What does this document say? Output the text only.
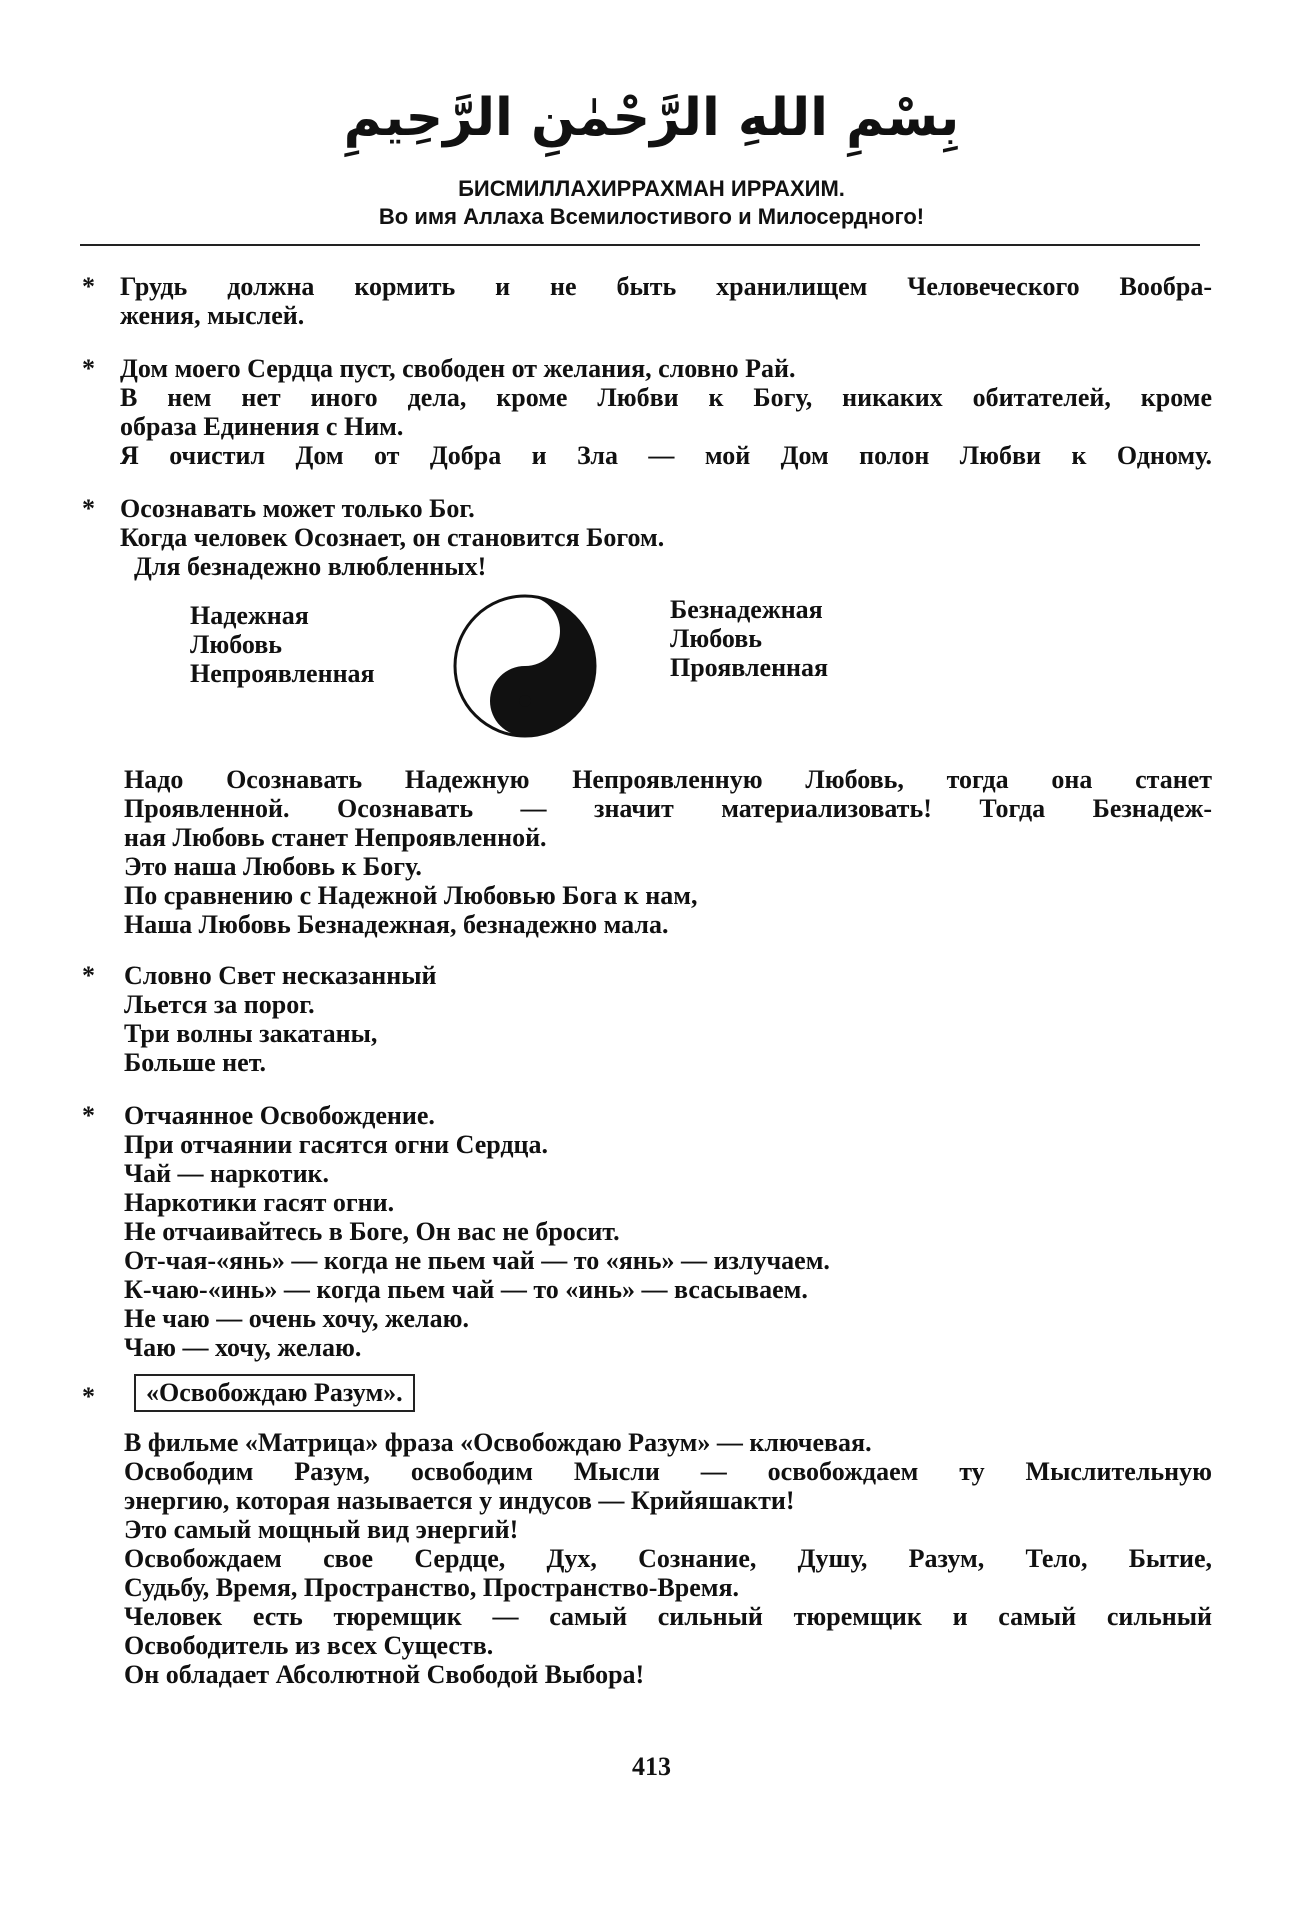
بِسْمِ اللهِ الرَّحْمٰنِ الرَّحِيمِ
БИСМИЛЛАХИРРАХМАН ИРРАХИМ.
Во имя Аллаха Всемилостивого и Милосердного!
* Грудь должна кормить и не быть хранилищем Человеческого Вообра-
жения, мыслей.
* Дом моего Сердца пуст, свободен от желания, словно Рай.
В нем нет иного дела, кроме Любви к Богу, никаких обитателей, кроме
образа Единения с Ним.
Я очистил Дом от Добра и Зла — мой Дом полон Любви к Одному.
* Осознавать может только Бог.
Когда человек Осознает, он становится Богом.
Для безнадежно влюбленных!
Надежная
Любовь
Непроявленная
Безнадежная
Любовь
Проявленная
Надо Осознавать Надежную Непроявленную Любовь, тогда она станет
Проявленной. Осознавать — значит материализовать! Тогда Безнадеж-
ная Любовь станет Непроявленной.
Это наша Любовь к Богу.
По сравнению с Надежной Любовью Бога к нам,
Наша Любовь Безнадежная, безнадежно мала.
* Словно Свет несказанный
Льется за порог.
Три волны закатаны,
Больше нет.
* Отчаянное Освобождение.
При отчаянии гасятся огни Сердца.
Чай — наркотик.
Наркотики гасят огни.
Не отчаивайтесь в Боге, Он вас не бросит.
От-чая-«янь» — когда не пьем чай — то «янь» — излучаем.
К-чаю-«инь» — когда пьем чай — то «инь» — всасываем.
Не чаю — очень хочу, желаю.
Чаю — хочу, желаю.
* «Освобождаю Разум».
В фильме «Матрица» фраза «Освобождаю Разум» — ключевая.
Освободим Разум, освободим Мысли — освобождаем ту Мыслительную
энергию, которая называется у индусов — Крийяшакти!
Это самый мощный вид энергий!
Освобождаем свое Сердце, Дух, Сознание, Душу, Разум, Тело, Бытие,
Судьбу, Время, Пространство, Пространство-Время.
Человек есть тюремщик — самый сильный тюремщик и самый сильный
Освободитель из всех Существ.
Он обладает Абсолютной Свободой Выбора!
413
